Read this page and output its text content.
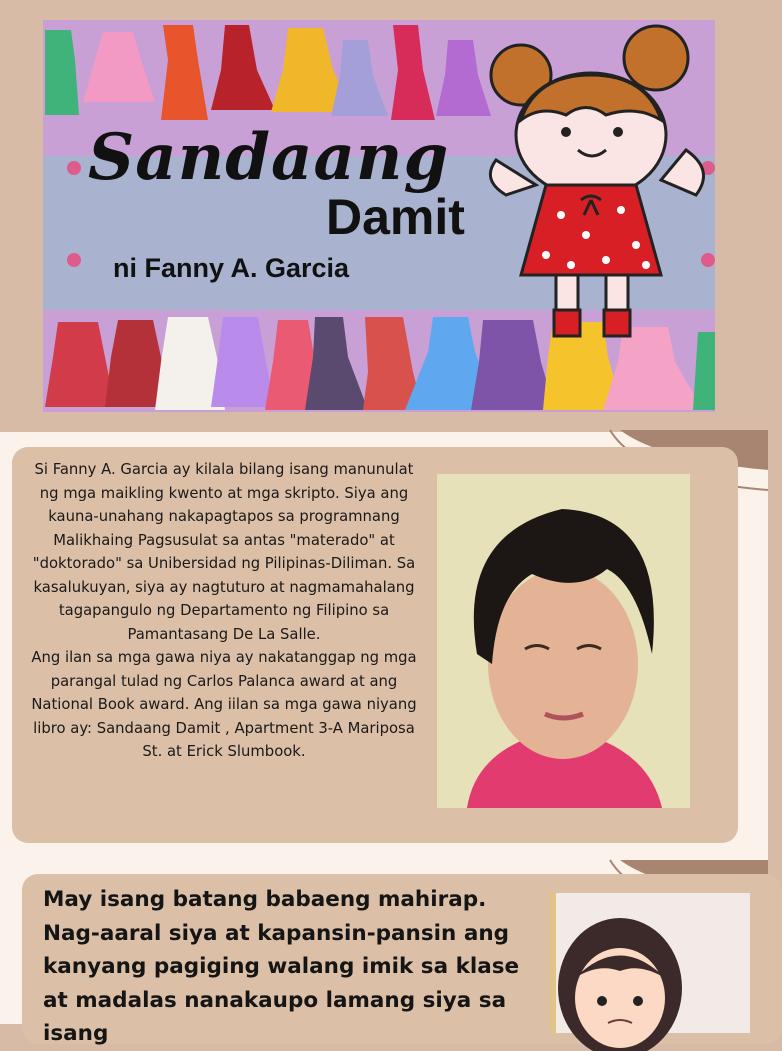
Sandaang
Damit
ni Fanny A. Garcia

Si Fanny A. Garcia ay kilala bilang isang manunulat ng mga maikling kwento at mga skripto. Siya ang kauna-unahang nakapagtapos sa programnang Malikhaing Pagsusulat sa antas "materado" at "doktorado" sa Unibersidad ng Pilipinas-Diliman. Sa kasalukuyan, siya ay nagtuturo at nagmamahalang tagapangulo ng Departamento ng Filipino sa Pamantasang De La Salle.

Ang ilan sa mga gawa niya ay nakatanggap ng mga parangal tulad ng Carlos Palanca award at ang National Book award. Ang iilan sa mga gawa niyang libro ay: Sandaang Damit , Apartment 3-A Mariposa St. at Erick Slumbook.

May isang batang babaeng mahirap.
Nag-aaral siya at kapansin-pansin ang kanyang pagiging walang imik sa klase at madalas nanakaupo lamang siya sa isang
